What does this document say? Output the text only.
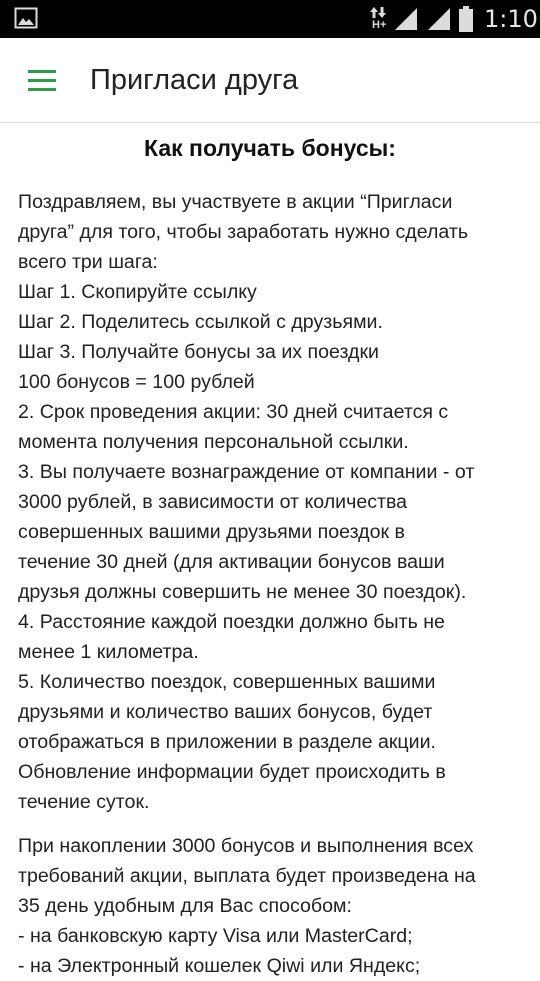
H+	1:10
Пригласи друга
Как получать бонусы:

Поздравляем, вы участвуете в акции “Пригласи
друга” для того, чтобы заработать нужно сделать
всего три шага:
Шаг 1. Скопируйте ссылку
Шаг 2. Поделитесь ссылкой с друзьями.
Шаг 3. Получайте бонусы за их поездки
100 бонусов = 100 рублей
2. Срок проведения акции: 30 дней считается с
момента получения персональной ссылки.
3. Вы получаете вознаграждение от компании - от
3000 рублей, в зависимости от количества
совершенных вашими друзьями поездок в
течение 30 дней (для активации бонусов ваши
друзья должны совершить не менее 30 поездок).
4. Расстояние каждой поездки должно быть не
менее 1 километра.
5. Количество поездок, совершенных вашими
друзьями и количество ваших бонусов, будет
отображаться в приложении в разделе акции.
Обновление информации будет происходить в
течение суток.

При накоплении 3000 бонусов и выполнения всех
требований акции, выплата будет произведена на
35 день удобным для Вас способом:
- на банковскую карту Visa или MasterCard;
- на Электронный кошелек Qiwi или Яндекс;
